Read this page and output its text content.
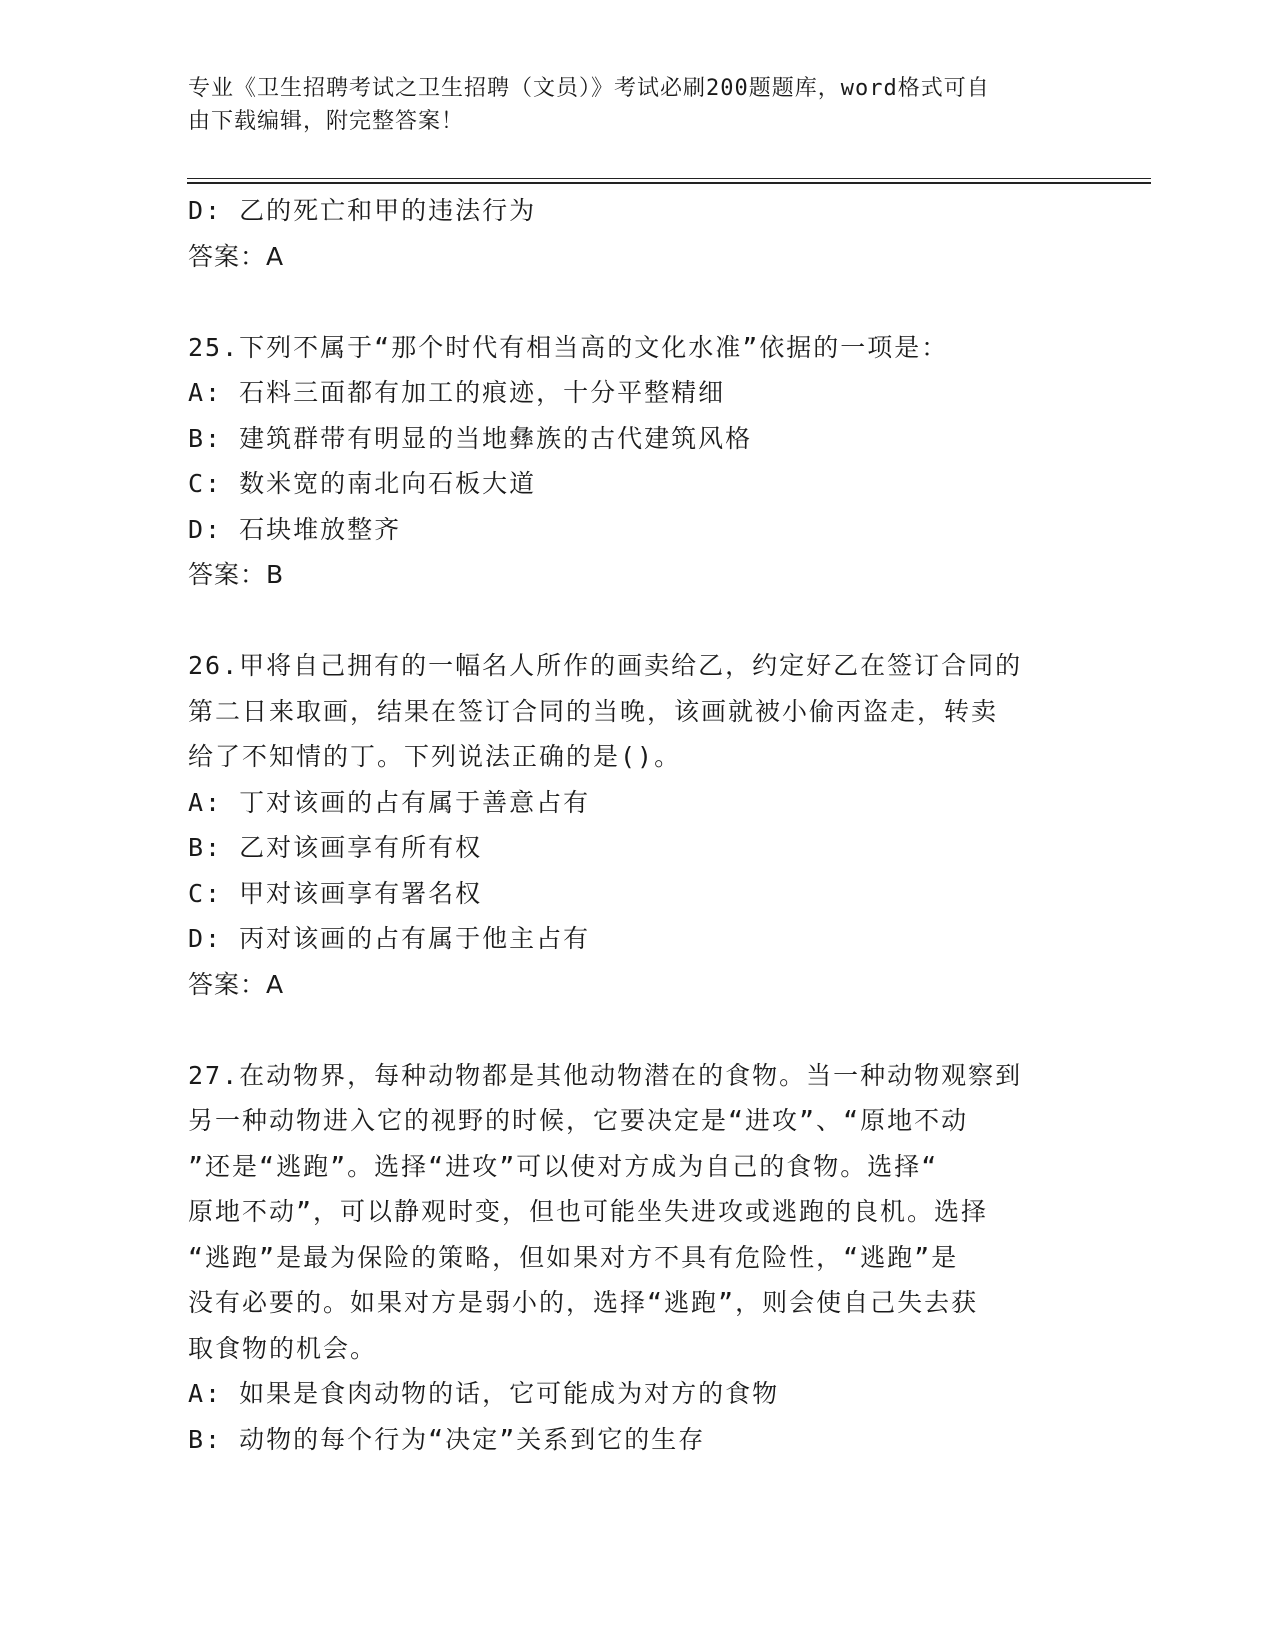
专业《卫生招聘考试之卫生招聘（文员）》考试必刷200题题库，word格式可自
由下载编辑，附完整答案！
D: 乙的死亡和甲的违法行为
答案：A
25.下列不属于“那个时代有相当高的文化水准”依据的一项是：
A: 石料三面都有加工的痕迹，十分平整精细
B: 建筑群带有明显的当地彝族的古代建筑风格
C: 数米宽的南北向石板大道
D: 石块堆放整齐
答案：B
26.甲将自己拥有的一幅名人所作的画卖给乙，约定好乙在签订合同的
第二日来取画，结果在签订合同的当晚，该画就被小偷丙盗走，转卖
给了不知情的丁。下列说法正确的是()。
A: 丁对该画的占有属于善意占有
B: 乙对该画享有所有权
C: 甲对该画享有署名权
D: 丙对该画的占有属于他主占有
答案：A
27.在动物界，每种动物都是其他动物潜在的食物。当一种动物观察到
另一种动物进入它的视野的时候，它要决定是“进攻”、“原地不动
”还是“逃跑”。选择“进攻”可以使对方成为自己的食物。选择“
原地不动”，可以静观时变，但也可能坐失进攻或逃跑的良机。选择
“逃跑”是最为保险的策略，但如果对方不具有危险性，“逃跑”是
没有必要的。如果对方是弱小的，选择“逃跑”，则会使自己失去获
取食物的机会。
A: 如果是食肉动物的话，它可能成为对方的食物
B: 动物的每个行为“决定”关系到它的生存
